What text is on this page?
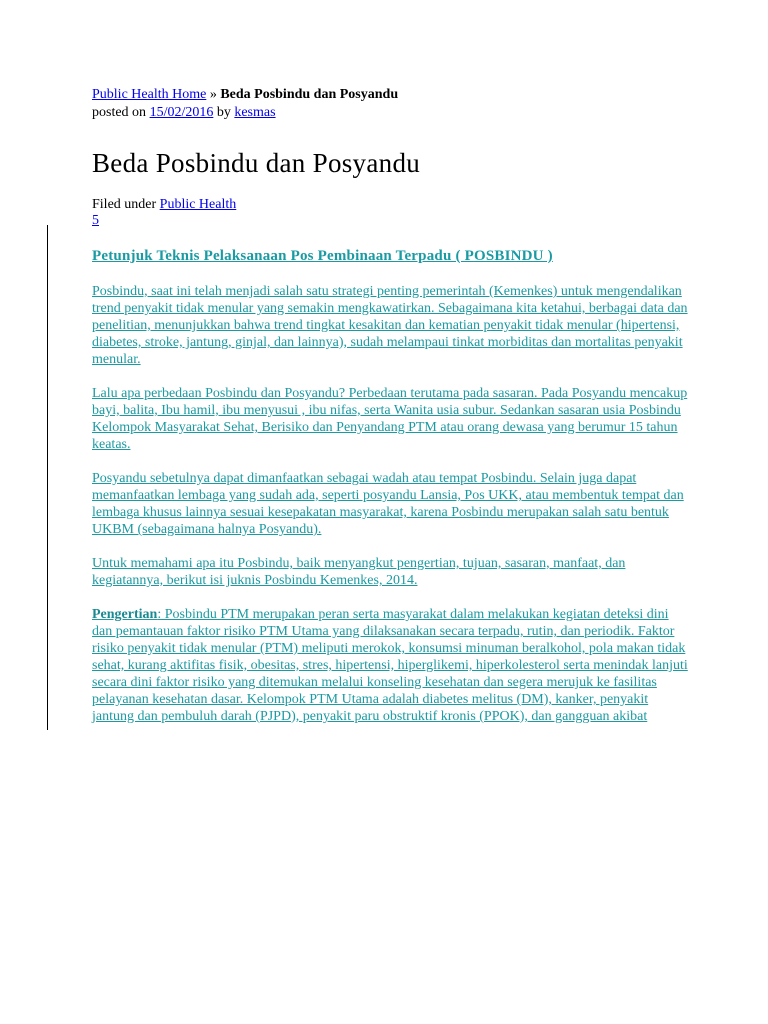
Public Health Home » Beda Posbindu dan Posyandu
posted on 15/02/2016 by kesmas
Beda Posbindu dan Posyandu
Filed under Public Health
5
Petunjuk Teknis Pelaksanaan Pos Pembinaan Terpadu ( POSBINDU )

Posbindu, saat ini telah menjadi salah satu strategi penting pemerintah (Kemenkes) untuk mengendalikan trend penyakit tidak menular yang semakin mengkawatirkan. Sebagaimana kita ketahui, berbagai data dan penelitian, menunjukkan bahwa trend tingkat kesakitan dan kematian penyakit tidak menular (hipertensi, diabetes, stroke, jantung, ginjal, dan lainnya), sudah melampaui tinkat morbiditas dan mortalitas penyakit menular.

Lalu apa perbedaan Posbindu dan Posyandu? Perbedaan terutama pada sasaran. Pada Posyandu mencakup bayi, balita, Ibu hamil, ibu menyusui , ibu nifas, serta Wanita usia subur. Sedankan sasaran usia Posbindu Kelompok Masyarakat Sehat, Berisiko dan Penyandang PTM atau orang dewasa yang berumur 15 tahun keatas.

Posyandu sebetulnya dapat dimanfaatkan sebagai wadah atau tempat Posbindu. Selain juga dapat memanfaatkan lembaga yang sudah ada, seperti posyandu Lansia, Pos UKK, atau membentuk tempat dan lembaga khusus lainnya sesuai kesepakatan masyarakat, karena Posbindu merupakan salah satu bentuk UKBM (sebagaimana halnya Posyandu).

Untuk memahami apa itu Posbindu, baik menyangkut pengertian, tujuan, sasaran, manfaat, dan kegiatannya, berikut isi juknis Posbindu Kemenkes, 2014.

Pengertian: Posbindu PTM merupakan peran serta masyarakat dalam melakukan kegiatan deteksi dini dan pemantauan faktor risiko PTM Utama yang dilaksanakan secara terpadu, rutin, dan periodik. Faktor risiko penyakit tidak menular (PTM) meliputi merokok, konsumsi minuman beralkohol, pola makan tidak sehat, kurang aktifitas fisik, obesitas, stres, hipertensi, hiperglikemi, hiperkolesterol serta menindak lanjuti secara dini faktor risiko yang ditemukan melalui konseling kesehatan dan segera merujuk ke fasilitas pelayanan kesehatan dasar. Kelompok PTM Utama adalah diabetes melitus (DM), kanker, penyakit jantung dan pembuluh darah (PJPD), penyakit paru obstruktif kronis (PPOK), dan gangguan akibat
